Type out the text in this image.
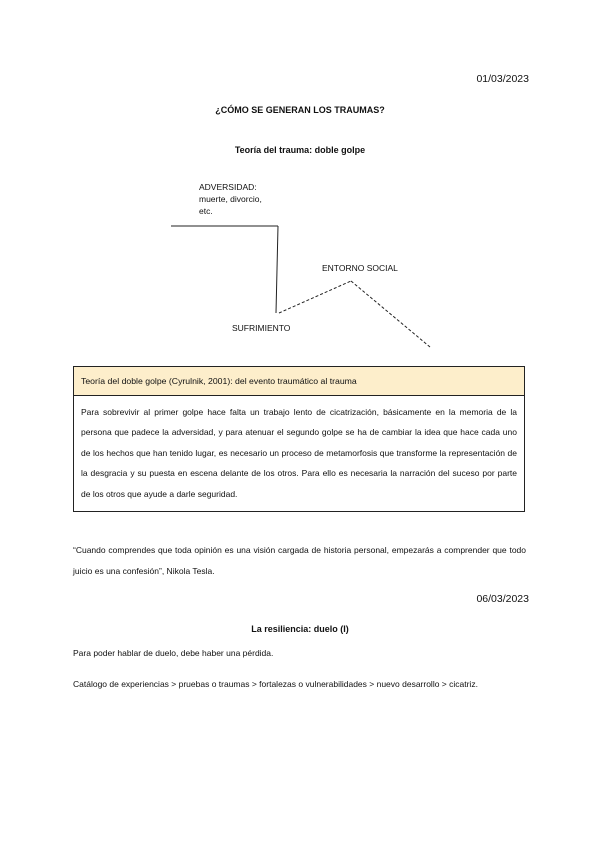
01/03/2023
¿CÓMO SE GENERAN LOS TRAUMAS?
Teoría del trauma: doble golpe
ADVERSIDAD:
muerte, divorcio,
etc.
ENTORNO SOCIAL
SUFRIMIENTO
Teoría del doble golpe (Cyrulnik, 2001): del evento traumático al trauma
Para sobrevivir al primer golpe hace falta un trabajo lento de cicatrización, básicamente en la memoria de la persona que padece la adversidad, y para atenuar el segundo golpe se ha de cambiar la idea que hace cada uno de los hechos que han tenido lugar, es necesario un proceso de metamorfosis que transforme la representación de la desgracia y su puesta en escena delante de los otros. Para ello es necesaria la narración del suceso por parte de los otros que ayude a darle seguridad.
“Cuando comprendes que toda opinión es una visión cargada de historia personal, empezarás a comprender que todo juicio es una confesión”, Nikola Tesla.
06/03/2023
La resiliencia: duelo (I)
Para poder hablar de duelo, debe haber una pérdida.
Catálogo de experiencias > pruebas o traumas > fortalezas o vulnerabilidades > nuevo desarrollo > cicatriz.
